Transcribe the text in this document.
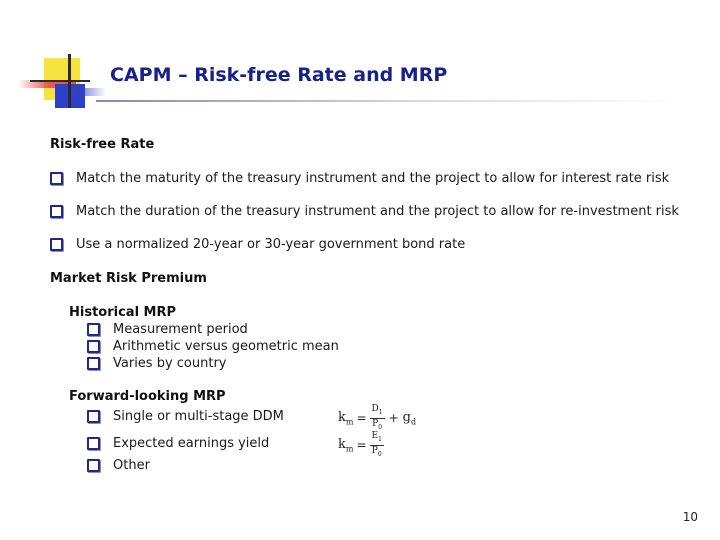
CAPM – Risk-free Rate and MRP
Risk-free Rate
Match the maturity of the treasury instrument and the project to allow for interest rate risk
Match the duration of the treasury instrument and the project to allow for re-investment risk
Use a normalized 20-year or 30-year government bond rate
Market Risk Premium
Historical MRP
Measurement period
Arithmetic versus geometric mean
Varies by country
Forward-looking MRP
Single or multi-stage DDM
Expected earnings yield
Other
$k_m = \frac{D_1}{P_0} + g_d$
$k_m = \frac{E_1}{P_0}$
10
